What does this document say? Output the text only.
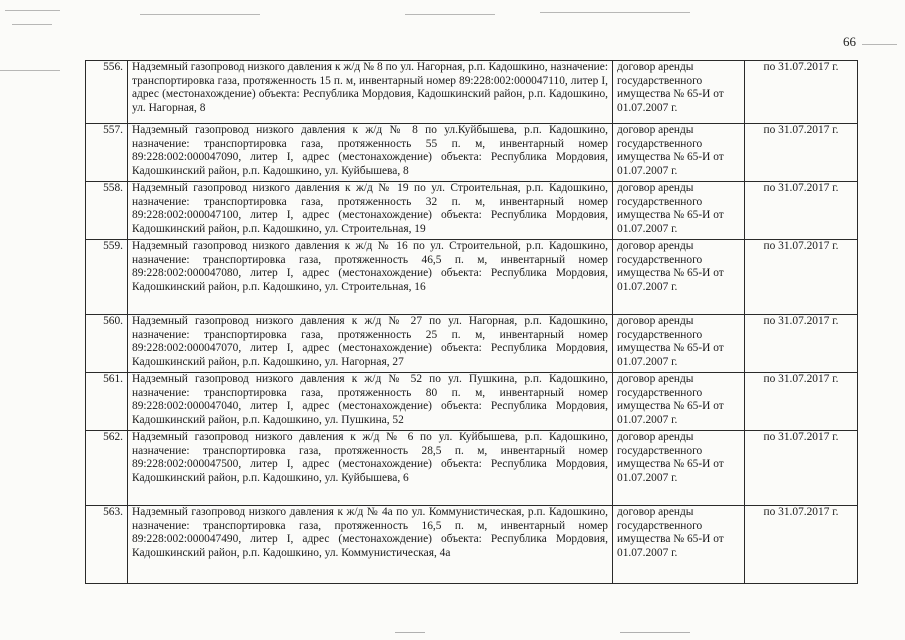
66
556.	Надземный газопровод низкого давления к ж/д № 8 по ул. Нагорная, р.п. Кадошкино, назначение: транспортировка газа, протяженность 15 п. м, инвентарный номер 89:228:002:000047110, литер I, адрес (местонахождение) объекта: Республика Мордовия, Кадошкинский район, р.п. Кадошкино, ул. Нагорная, 8	договор аренды государственного имущества № 65-И от 01.07.2007 г.	по 31.07.2017 г.
557.	Надземный газопровод низкого давления к ж/д № 8 по ул.Куйбышева, р.п. Кадошкино, назначение: транспортировка газа, протяженность 55 п. м, инвентарный номер 89:228:002:000047090, литер I, адрес (местонахождение) объекта: Республика Мордовия, Кадошкинский район, р.п. Кадошкино, ул. Куйбышева, 8	договор аренды государственного имущества № 65-И от 01.07.2007 г.	по 31.07.2017 г.
558.	Надземный газопровод низкого давления к ж/д № 19 по ул. Строительная, р.п. Кадошкино, назначение: транспортировка газа, протяженность 32 п. м, инвентарный номер 89:228:002:000047100, литер I, адрес (местонахождение) объекта: Республика Мордовия, Кадошкинский район, р.п. Кадошкино, ул. Строительная, 19	договор аренды государственного имущества № 65-И от 01.07.2007 г.	по 31.07.2017 г.
559.	Надземный газопровод низкого давления к ж/д № 16 по ул. Строительной, р.п. Кадошкино, назначение: транспортировка газа, протяженность 46,5 п. м, инвентарный номер 89:228:002:000047080, литер I, адрес (местонахождение) объекта: Республика Мордовия, Кадошкинский район, р.п. Кадошкино, ул. Строительная, 16	договор аренды государственного имущества № 65-И от 01.07.2007 г.	по 31.07.2017 г.
560.	Надземный газопровод низкого давления к ж/д № 27 по ул. Нагорная, р.п. Кадошкино, назначение: транспортировка газа, протяженность 25 п. м, инвентарный номер 89:228:002:000047070, литер I, адрес (местонахождение) объекта: Республика Мордовия, Кадошкинский район, р.п. Кадошкино, ул. Нагорная, 27	договор аренды государственного имущества № 65-И от 01.07.2007 г.	по 31.07.2017 г.
561.	Надземный газопровод низкого давления к ж/д № 52 по ул. Пушкина, р.п. Кадошкино, назначение: транспортировка газа, протяженность 80 п. м, инвентарный номер 89:228:002:000047040, литер I, адрес (местонахождение) объекта: Республика Мордовия, Кадошкинский район, р.п. Кадошкино, ул. Пушкина, 52	договор аренды государственного имущества № 65-И от 01.07.2007 г.	по 31.07.2017 г.
562.	Надземный газопровод низкого давления к ж/д № 6 по ул. Куйбышева, р.п. Кадошкино, назначение: транспортировка газа, протяженность 28,5 п. м, инвентарный номер 89:228:002:000047500, литер I, адрес (местонахождение) объекта: Республика Мордовия, Кадошкинский район, р.п. Кадошкино, ул. Куйбышева, 6	договор аренды государственного имущества № 65-И от 01.07.2007 г.	по 31.07.2017 г.
563.	Надземный газопровод низкого давления к ж/д № 4а по ул. Коммунистическая, р.п. Кадошкино, назначение: транспортировка газа, протяженность 16,5 п. м, инвентарный номер 89:228:002:000047490, литер I, адрес (местонахождение) объекта: Республика Мордовия, Кадошкинский район, р.п. Кадошкино, ул. Коммунистическая, 4а	договор аренды государственного имущества № 65-И от 01.07.2007 г.	по 31.07.2017 г.
